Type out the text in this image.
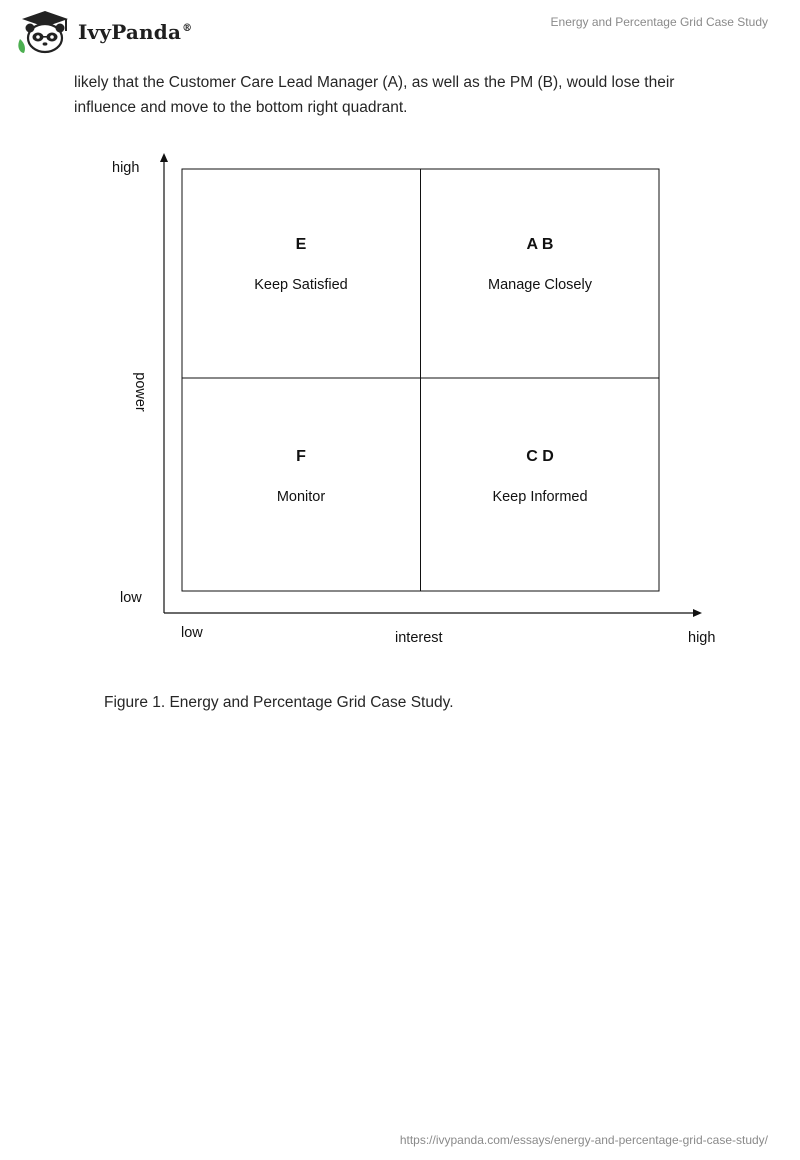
IvyPanda®	Energy and Percentage Grid Case Study

likely that the Customer Care Lead Manager (A), as well as the PM (B), would lose their influence and move to the bottom right quadrant.

high
low
power
low	interest	high
E
Keep Satisfied
A B
Manage Closely
F
Monitor
C D
Keep Informed
Figure 1. Energy and Percentage Grid Case Study.
https://ivypanda.com/essays/energy-and-percentage-grid-case-study/
